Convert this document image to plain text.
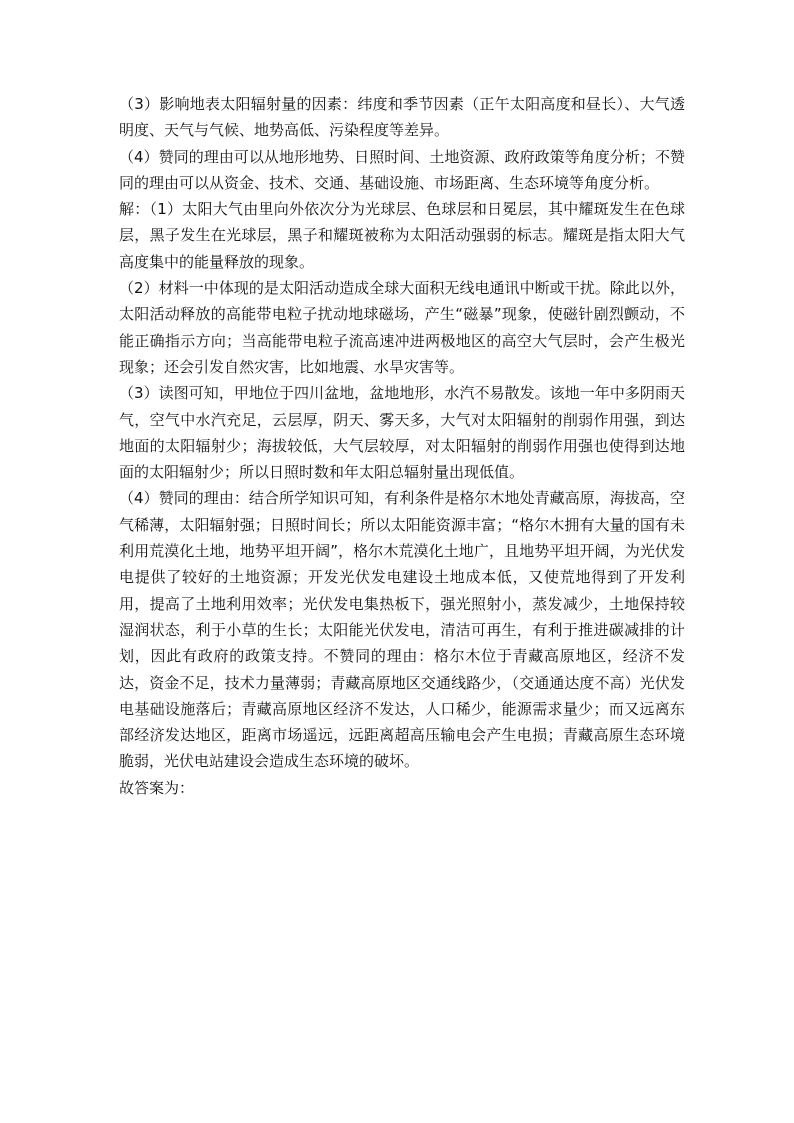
（3）影响地表太阳辐射量的因素：纬度和季节因素（正午太阳高度和昼长）、大气透明度、天气与气候、地势高低、污染程度等差异。

（4）赞同的理由可以从地形地势、日照时间、土地资源、政府政策等角度分析；不赞同的理由可以从资金、技术、交通、基础设施、市场距离、生态环境等角度分析。

解：（1）太阳大气由里向外依次分为光球层、色球层和日冕层，其中耀斑发生在色球层，黑子发生在光球层，黑子和耀斑被称为太阳活动强弱的标志。耀斑是指太阳大气高度集中的能量释放的现象。

（2）材料一中体现的是太阳活动造成全球大面积无线电通讯中断或干扰。除此以外，太阳活动释放的高能带电粒子扰动地球磁场，产生“磁暴”现象，使磁针剧烈颤动，不能正确指示方向；当高能带电粒子流高速冲进两极地区的高空大气层时，会产生极光现象；还会引发自然灾害，比如地震、水旱灾害等。

（3）读图可知，甲地位于四川盆地，盆地地形，水汽不易散发。该地一年中多阴雨天气，空气中水汽充足，云层厚，阴天、雾天多，大气对太阳辐射的削弱作用强，到达地面的太阳辐射少；海拔较低，大气层较厚，对太阳辐射的削弱作用强也使得到达地面的太阳辐射少；所以日照时数和年太阳总辐射量出现低值。

（4）赞同的理由：结合所学知识可知，有利条件是格尔木地处青藏高原，海拔高，空气稀薄，太阳辐射强；日照时间长；所以太阳能资源丰富；“格尔木拥有大量的国有未利用荒漠化土地，地势平坦开阔”，格尔木荒漠化土地广，且地势平坦开阔，为光伏发电提供了较好的土地资源；开发光伏发电建设土地成本低，又使荒地得到了开发利用，提高了土地利用效率；光伏发电集热板下，强光照射小，蒸发减少，土地保持较湿润状态，利于小草的生长；太阳能光伏发电，清洁可再生，有利于推进碳减排的计划，因此有政府的政策支持。不赞同的理由：格尔木位于青藏高原地区，经济不发达，资金不足，技术力量薄弱；青藏高原地区交通线路少，（交通通达度不高）光伏发电基础设施落后；青藏高原地区经济不发达，人口稀少，能源需求量少；而又远离东部经济发达地区，距离市场遥远，远距离超高压输电会产生电损；青藏高原生态环境脆弱，光伏电站建设会造成生态环境的破坏。

故答案为：
